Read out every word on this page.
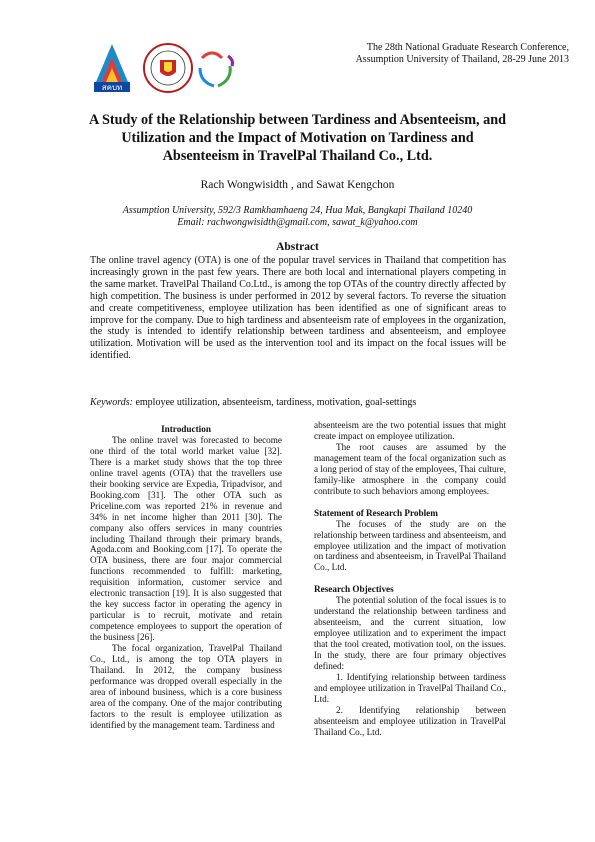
สคบท
The 28th National Graduate Research Conference,
Assumption University of Thailand, 28-29 June 2013
A Study of the Relationship between Tardiness and Absenteeism, and
Utilization and the Impact of Motivation on Tardiness and
Absenteeism in TravelPal Thailand Co., Ltd.
Rach Wongwisidth , and Sawat Kengchon
Assumption University, 592/3 Ramkhamhaeng 24, Hua Mak, Bangkapi Thailand 10240
Email: rachwongwisidth@gmail.com, sawat_k@yahoo.com
Abstract
The online travel agency (OTA) is one of the popular travel services in Thailand that competition has increasingly grown in the past few years. There are both local and international players competing in the same market. TravelPal Thailand Co.Ltd., is among the top OTAs of the country directly affected by high competition. The business is under performed in 2012 by several factors. To reverse the situation and create competitiveness, employee utilization has been identified as one of significant areas to improve for the company. Due to high tardiness and absenteeism rate of employees in the organization, the study is intended to identify relationship between tardiness and absenteeism, and employee utilization. Motivation will be used as the intervention tool and its impact on the focal issues will be identified.
Keywords: employee utilization, absenteeism, tardiness, motivation, goal-settings

Introduction

The online travel was forecasted to become one third of the total world market value [32]. There is a market study shows that the top three online travel agents (OTA) that the travellers use their booking service are Expedia, Tripadvisor, and Booking.com [31]. The other OTA such as Priceline.com was reported 21% in revenue and 34% in net income higher than 2011 [30]. The company also offers services in many countries including Thailand through their primary brands, Agoda.com and Booking.com [17]. To operate the OTA business, there are four major commercial functions recommended to fulfill: marketing, requisition information, customer service and electronic transaction [19]. It is also suggested that the key success factor in operating the agency in particular is to recruit, motivate and retain competence employees to support the operation of the business [26].

The focal organization, TravelPal Thailand Co., Ltd., is among the top OTA players in Thailand. In 2012, the company business performance was dropped overall especially in the area of inbound business, which is a core business area of the company. One of the major contributing factors to the result is employee utilization as identified by the management team. Tardiness and

absenteeism are the two potential issues that might create impact on employee utilization.

The root causes are assumed by the management team of the focal organization such as a long period of stay of the employees, Thai culture, family-like atmosphere in the company could contribute to such behaviors among employees.

Statement of Research Problem

The focuses of the study are on the relationship between tardiness and absenteeism, and employee utilization and the impact of motivation on tardiness and absenteeism, in TravelPal Thailand Co., Ltd.

Research Objectives

The potential solution of the focal issues is to understand the relationship between tardiness and absenteeism, and the current situation, low employee utilization and to experiment the impact that the tool created, motivation tool, on the issues. In the study, there are four primary objectives defined:

1. Identifying relationship between tardiness and employee utilization in TravelPal Thailand Co., Ltd.

2. Identifying relationship between absenteeism and employee utilization in TravelPal Thailand Co., Ltd.
